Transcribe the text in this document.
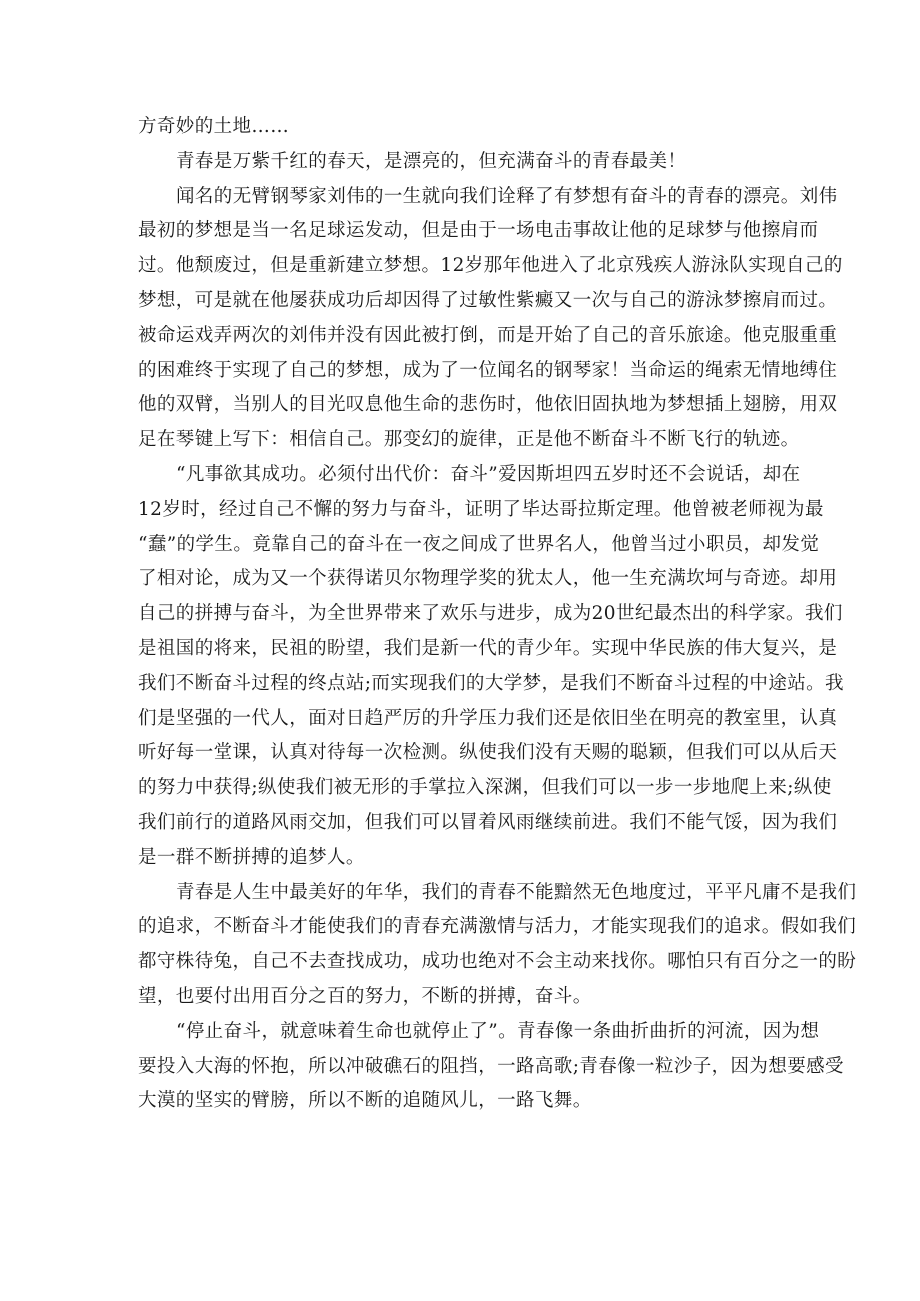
方奇妙的土地……
青春是万紫千红的春天，是漂亮的，但充满奋斗的青春最美！
闻名的无臂钢琴家刘伟的一生就向我们诠释了有梦想有奋斗的青春的漂亮。刘伟
最初的梦想是当一名足球运发动，但是由于一场电击事故让他的足球梦与他擦肩而
过。他颓废过，但是重新建立梦想。12岁那年他进入了北京残疾人游泳队实现自己的
梦想，可是就在他屡获成功后却因得了过敏性紫癜又一次与自己的游泳梦擦肩而过。
被命运戏弄两次的刘伟并没有因此被打倒，而是开始了自己的音乐旅途。他克服重重
的困难终于实现了自己的梦想，成为了一位闻名的钢琴家！当命运的绳索无情地缚住
他的双臂，当别人的目光叹息他生命的悲伤时，他依旧固执地为梦想插上翅膀，用双
足在琴键上写下：相信自己。那变幻的旋律，正是他不断奋斗不断飞行的轨迹。
“凡事欲其成功。必须付出代价：奋斗”爱因斯坦四五岁时还不会说话，却在
12岁时，经过自己不懈的努力与奋斗，证明了毕达哥拉斯定理。他曾被老师视为最
“蠢”的学生。竟靠自己的奋斗在一夜之间成了世界名人，他曾当过小职员，却发觉
了相对论，成为又一个获得诺贝尔物理学奖的犹太人，他一生充满坎坷与奇迹。却用
自己的拼搏与奋斗，为全世界带来了欢乐与进步，成为20世纪最杰出的科学家。我们
是祖国的将来，民祖的盼望，我们是新一代的青少年。实现中华民族的伟大复兴，是
我们不断奋斗过程的终点站;而实现我们的大学梦，是我们不断奋斗过程的中途站。我
们是坚强的一代人，面对日趋严厉的升学压力我们还是依旧坐在明亮的教室里，认真
听好每一堂课，认真对待每一次检测。纵使我们没有天赐的聪颖，但我们可以从后天
的努力中获得;纵使我们被无形的手掌拉入深渊，但我们可以一步一步地爬上来;纵使
我们前行的道路风雨交加，但我们可以冒着风雨继续前进。我们不能气馁，因为我们
是一群不断拼搏的追梦人。
青春是人生中最美好的年华，我们的青春不能黯然无色地度过，平平凡庸不是我们
的追求，不断奋斗才能使我们的青春充满激情与活力，才能实现我们的追求。假如我们
都守株待兔，自己不去查找成功，成功也绝对不会主动来找你。哪怕只有百分之一的盼
望，也要付出用百分之百的努力，不断的拼搏，奋斗。
“停止奋斗，就意味着生命也就停止了”。青春像一条曲折曲折的河流，因为想
要投入大海的怀抱，所以冲破礁石的阻挡，一路高歌;青春像一粒沙子，因为想要感受
大漠的坚实的臂膀，所以不断的追随风儿，一路飞舞。
